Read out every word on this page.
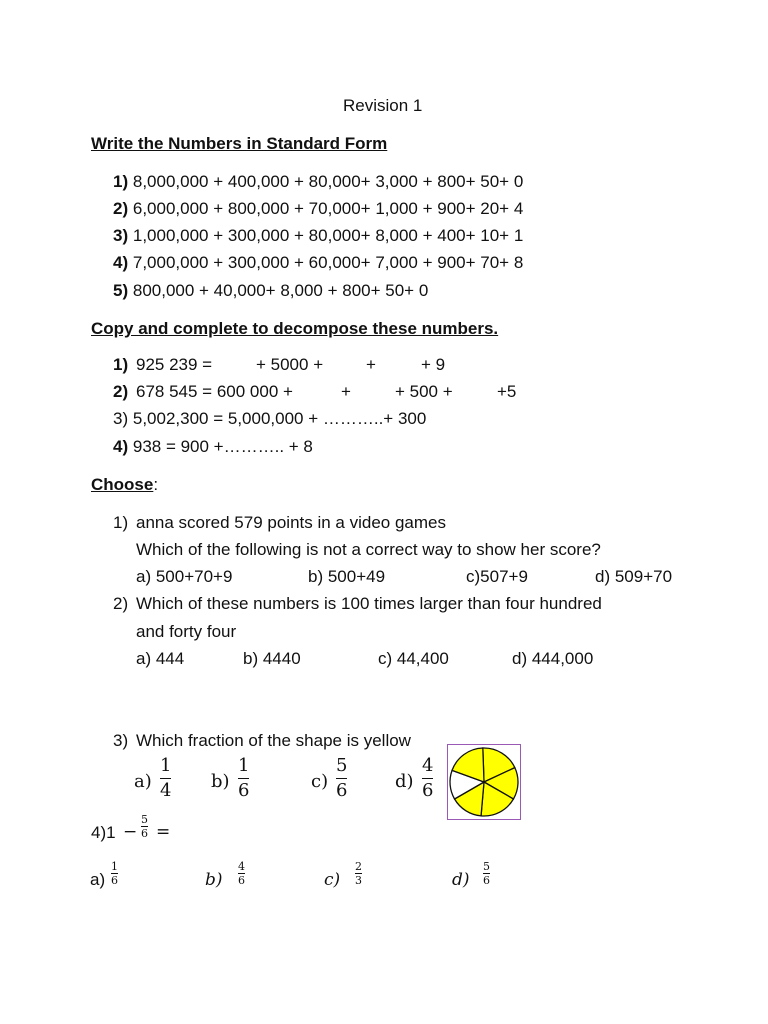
Revision 1
Write the Numbers in Standard Form
1) 8,000,000 + 400,000 + 80,000+ 3,000 + 800+ 50+ 0
2) 6,000,000 + 800,000 + 70,000+ 1,000 + 900+ 20+ 4
3) 1,000,000 + 300,000 + 80,000+ 8,000 + 400+ 10+ 1
4) 7,000,000 + 300,000 + 60,000+ 7,000 + 900+ 70+ 8
5) 800,000 + 40,000+ 8,000 + 800+ 50+ 0
Copy and complete to decompose these numbers.
1) 925 239 =	+ 5000 +	+	+ 9
2) 678 545 = 600 000 +	+	+ 500 +	+5
3) 5,002,300 = 5,000,000 + ………..+ 300
4) 938 = 900 +……….. + 8
Choose:
1) anna scored 579 points in a video games
Which of the following is not a correct way to show her score?
a) 500+70+9	b) 500+49	c)507+9	d) 509+70
2) Which of these numbers is 100 times larger than four hundred
and forty four
a) 444	b) 4440	c) 44,400	d) 444,000
3) Which fraction of the shape is yellow
a)
1
4 b)
1
6	c)
5
6	d)
4
6
4)1 −
5
6 =
a)
1
6	b)
4
6	c)
2
3	d)
5
6
